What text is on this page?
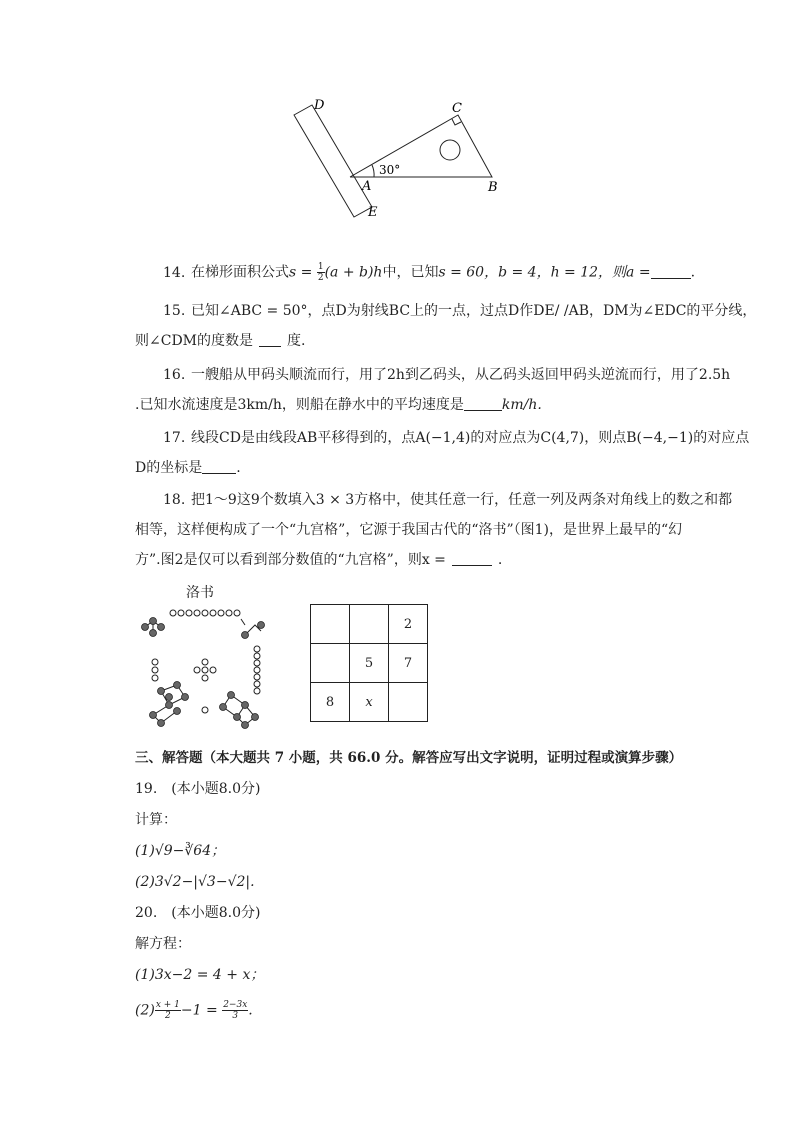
D	C
A	B
E
30°
14. 在梯形面积公式$s = \frac{1}{2} (a + b)h$中，已知s = 60，b = 4，h = 12，则a =	.
15. 已知∠ABC = 50°，点D为射线BC上的一点，过点D作DE/ /AB，DM为∠EDC的平分线，
则∠CDM的度数是 度.
16. 一艘船从甲码头顺流而行，用了2h到乙码头，从乙码头返回甲码头逆流而行，用了2.5h
.已知水流速度是3km/h，则船在静水中的平均速度是	km/h.
17. 线段CD是由线段AB平移得到的，点A(−1,4)的对应点为C(4,7)，则点B(−4,−1)的对应点
D的坐标是 .
18. 把1～9这9个数填入3 × 3方格中，使其任意一行，任意一列及两条对角线上的数之和都
相等，这样便构成了一个“九宫格”，它源于我国古代的“洛书”（图1)，是世界上最早的“幻
方”.图2是仅可以看到部分数值的“九宫格”，则x =	.
洛书
		2
	5	7
8	x	
三、解答题（本大题共 7 小题，共 66.0 分。解答应写出文字说明，证明过程或演算步骤）
19.　(本小题8.0分)
计算：
(1)√9−∛64；
(2)3√2−|√3−√2|.
20.　(本小题8.0分)
解方程：
(1)3x−2 = 4 + x；
$(2) \frac{x + 1}{2} -1 = \frac{2-3x}{3}$ .
